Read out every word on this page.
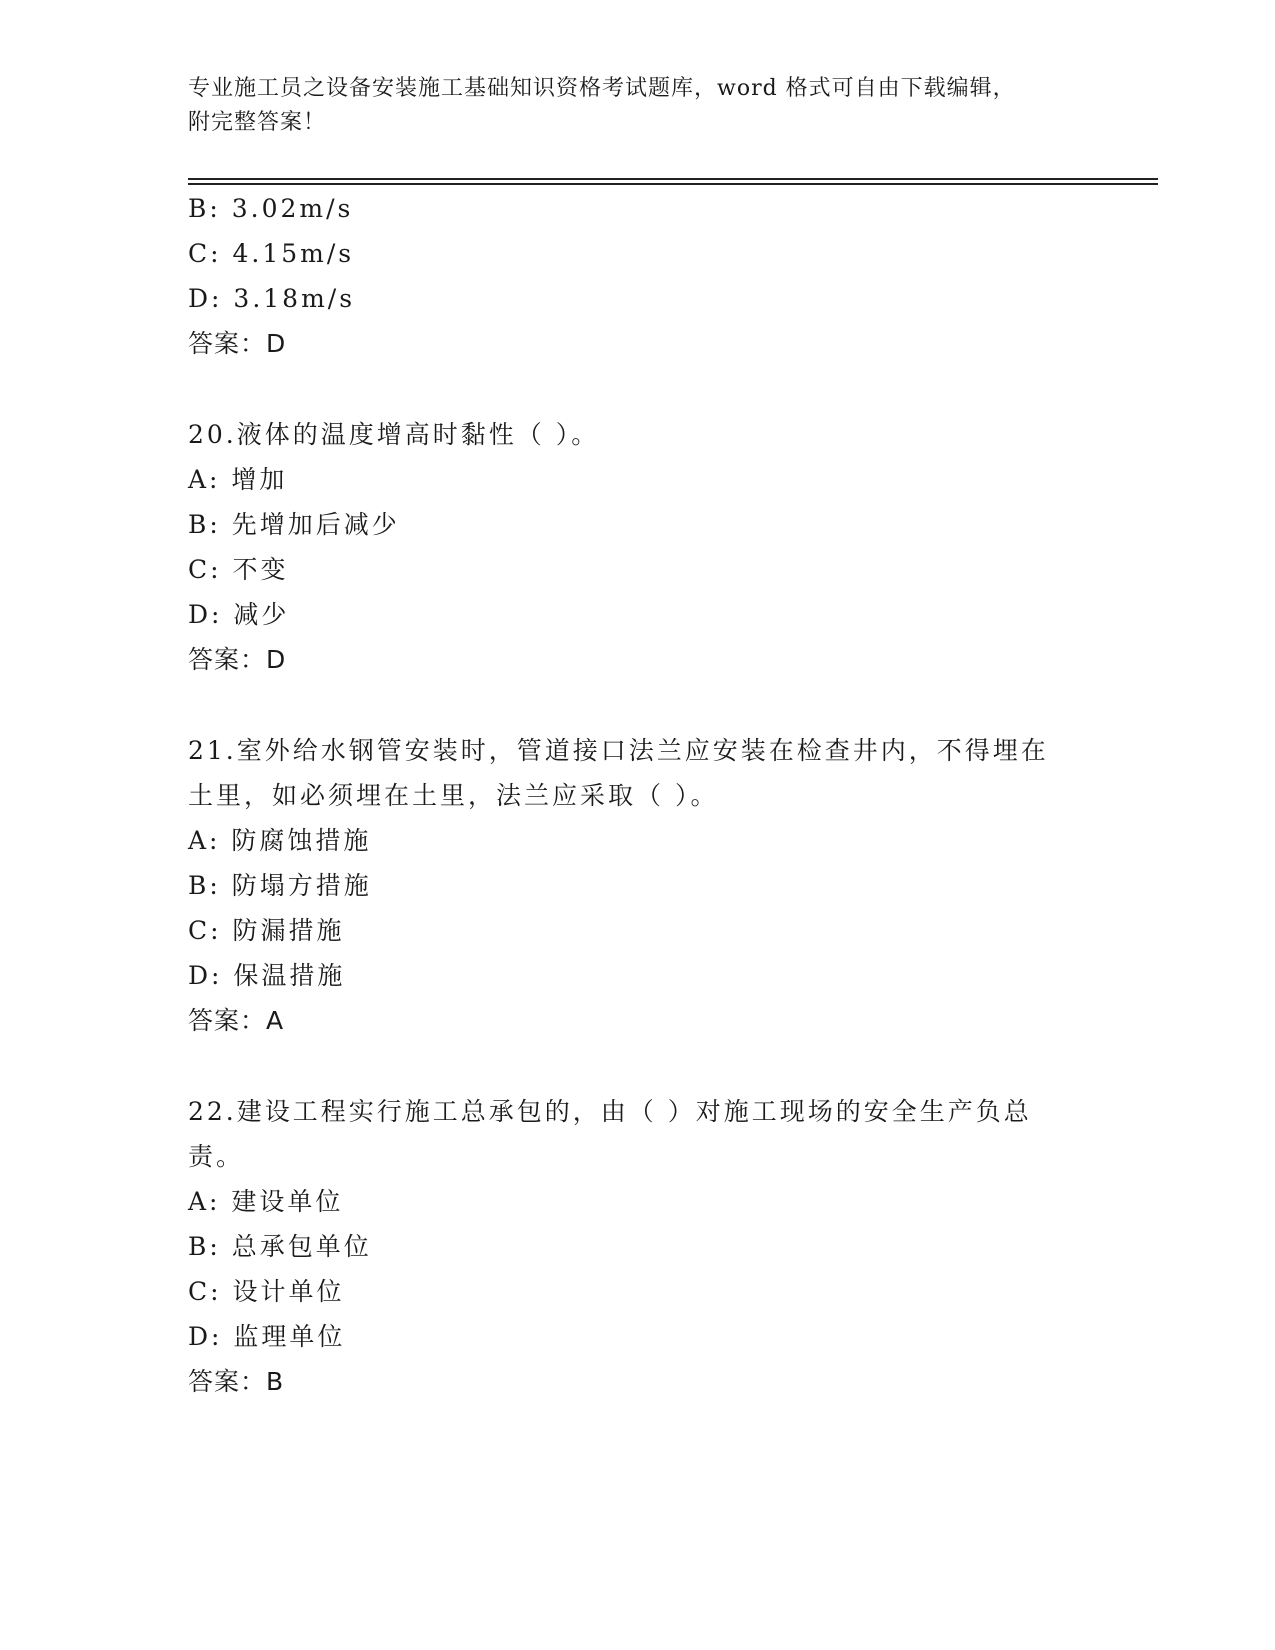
专业施工员之设备安装施工基础知识资格考试题库，word 格式可自由下载编辑，
附完整答案！
B: 3.02m/s
C: 4.15m/s
D: 3.18m/s
答案：D
20.液体的温度增高时黏性（ ）。
A: 增加
B: 先增加后减少
C: 不变
D: 减少
答案：D
21.室外给水钢管安装时，管道接口法兰应安装在检查井内，不得埋在
土里，如必须埋在土里，法兰应采取（ ）。
A: 防腐蚀措施
B: 防塌方措施
C: 防漏措施
D: 保温措施
答案：A
22.建设工程实行施工总承包的，由（ ）对施工现场的安全生产负总
责。
A: 建设单位
B: 总承包单位
C: 设计单位
D: 监理单位
答案：B
